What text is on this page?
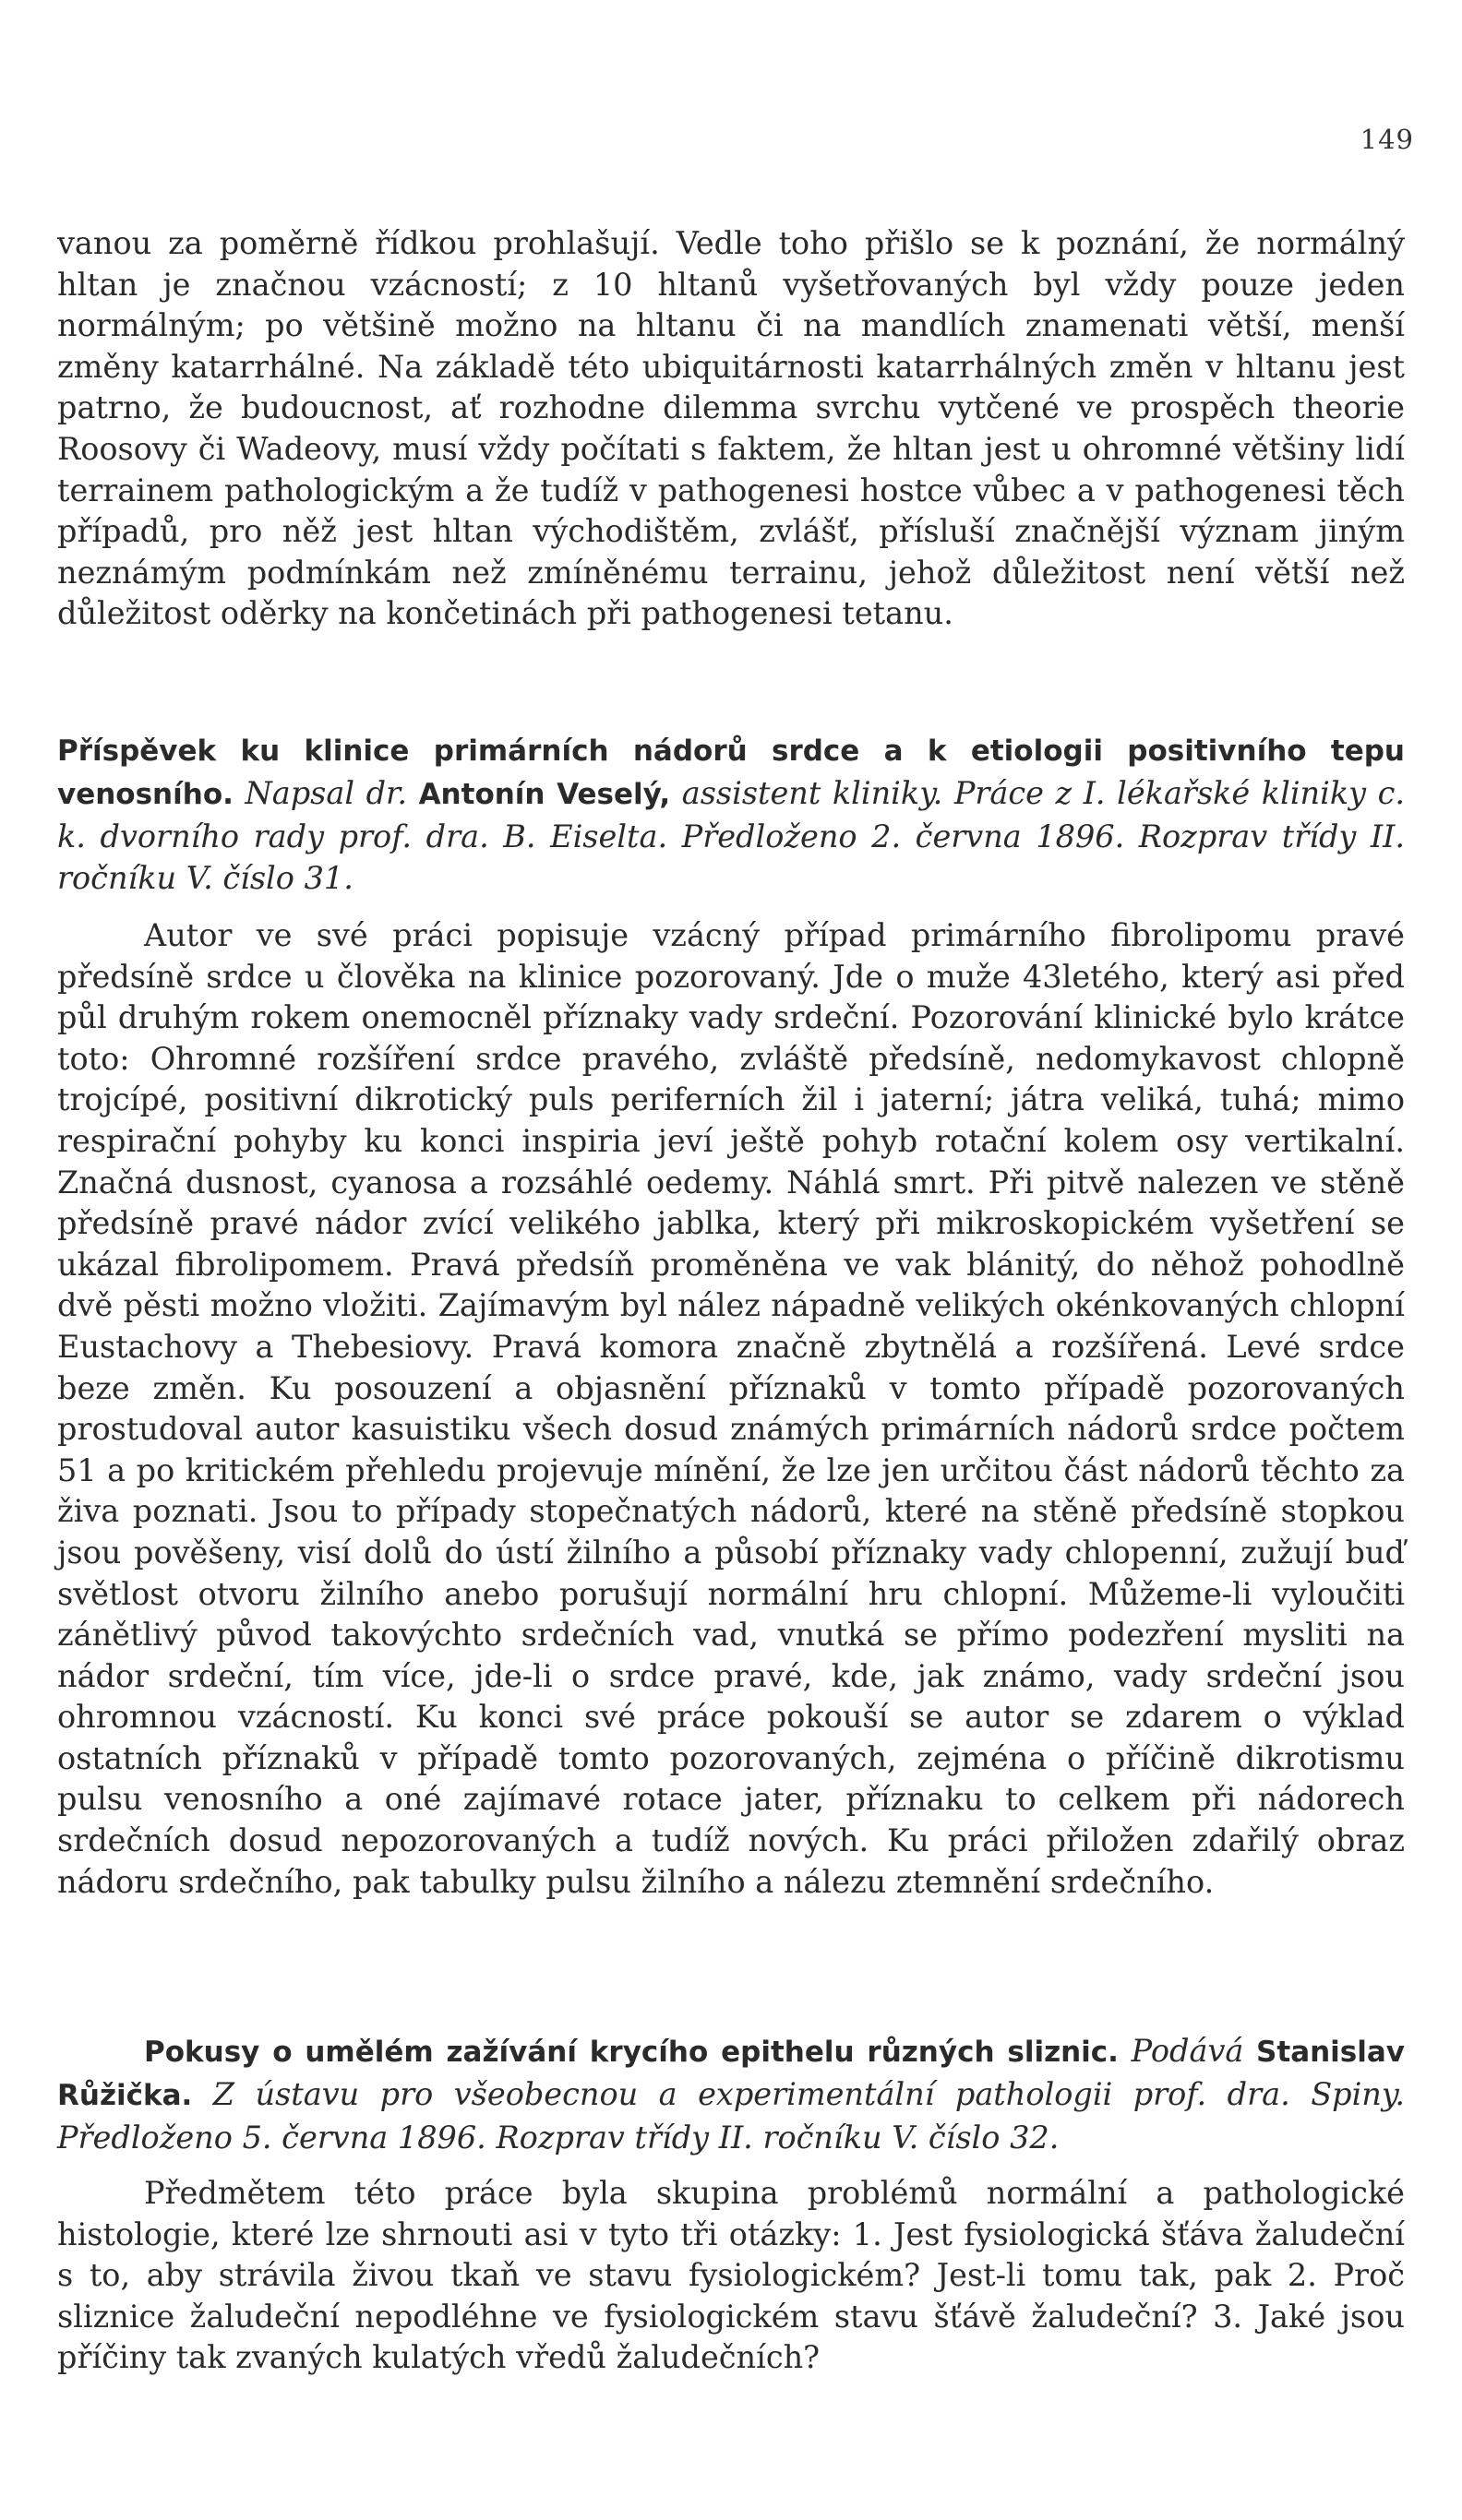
149

vanou za poměrně řídkou prohlašují. Vedle toho přišlo se k poznání, že normálný hltan je značnou vzácností; z 10 hltanů vyšetřovaných byl vždy pouze jeden normálným; po většině možno na hltanu či na mandlích znamenati větší, menší změny katarrhálné. Na základě této ubiquitárnosti katarrhálných změn v hltanu jest patrno, že budoucnost, ať rozhodne dilemma svrchu vytčené ve prospěch theorie Roosovy či Wadeovy, musí vždy počítati s faktem, že hltan jest u ohromné většiny lidí terrainem pathologickým a že tudíž v pathogenesi hostce vůbec a v pathogenesi těch případů, pro něž jest hltan východištěm, zvlášť, přísluší značnější význam jiným neznámým podmínkám než zmíněnému terrainu, jehož důležitost není větší než důležitost oděrky na končetinách při pathogenesi tetanu.

Příspěvek ku klinice primárních nádorů srdce a k etiologii positivního tepu venosního. Napsal dr. Antonín Veselý, assistent kliniky. Práce z I. lékařské kliniky c. k. dvorního rady prof. dra. B. Eiselta. Předloženo 2. června 1896. Rozprav třídy II. ročníku V. číslo 31.

Autor ve své práci popisuje vzácný případ primárního fibrolipomu pravé předsíně srdce u člověka na klinice pozorovaný. Jde o muže 43letého, který asi před půl druhým rokem onemocněl příznaky vady srdeční. Pozorování klinické bylo krátce toto: Ohromné rozšíření srdce pravého, zvláště předsíně, nedomykavost chlopně trojcípé, positivní dikrotický puls periferních žil i jaterní; játra veliká, tuhá; mimo respirační pohyby ku konci inspiria jeví ještě pohyb rotační kolem osy vertikalní. Značná dusnost, cyanosa a rozsáhlé oedemy. Náhlá smrt. Při pitvě nalezen ve stěně předsíně pravé nádor zvící velikého jablka, který při mikroskopickém vyšetření se ukázal fibrolipomem. Pravá předsíň proměněna ve vak blánitý, do něhož pohodlně dvě pěsti možno vložiti. Zajímavým byl nález nápadně velikých okénkovaných chlopní Eustachovy a Thebesiovy. Pravá komora značně zbytnělá a rozšířená. Levé srdce beze změn. Ku posouzení a objasnění příznaků v tomto případě pozorovaných prostudoval autor kasuistiku všech dosud známých primárních nádorů srdce počtem 51 a po kritickém přehledu projevuje mínění, že lze jen určitou část nádorů těchto za živa poznati. Jsou to případy stopečnatých nádorů, které na stěně předsíně stopkou jsou pověšeny, visí dolů do ústí žilního a působí příznaky vady chlopenní, zužují buď světlost otvoru žilního anebo porušují normální hru chlopní. Můžeme-li vyloučiti zánětlivý původ takovýchto srdečních vad, vnutká se přímo podezření mysliti na nádor srdeční, tím více, jde-li o srdce pravé, kde, jak známo, vady srdeční jsou ohromnou vzácností. Ku konci své práce pokouší se autor se zdarem o výklad ostatních příznaků v případě tomto pozorovaných, zejména o příčině dikrotismu pulsu venosního a oné zajímavé rotace jater, příznaku to celkem při nádorech srdečních dosud nepozorovaných a tudíž nových. Ku práci přiložen zdařilý obraz nádoru srdečního, pak tabulky pulsu žilního a nálezu ztemnění srdečního.

Pokusy o umělém zažívání krycího epithelu různých sliznic. Podává Stanislav Růžička. Z ústavu pro všeobecnou a experimentální pathologii prof. dra. Spiny. Předloženo 5. června 1896. Rozprav třídy II. ročníku V. číslo 32.

Předmětem této práce byla skupina problémů normální a pathologické histologie, které lze shrnouti asi v tyto tři otázky: 1. Jest fysiologická šťáva žaludeční s to, aby strávila živou tkaň ve stavu fysiologickém? Jest-li tomu tak, pak 2. Proč sliznice žaludeční nepodléhne ve fysiologickém stavu šťávě žaludeční? 3. Jaké jsou příčiny tak zvaných kulatých vředů žaludečních?
